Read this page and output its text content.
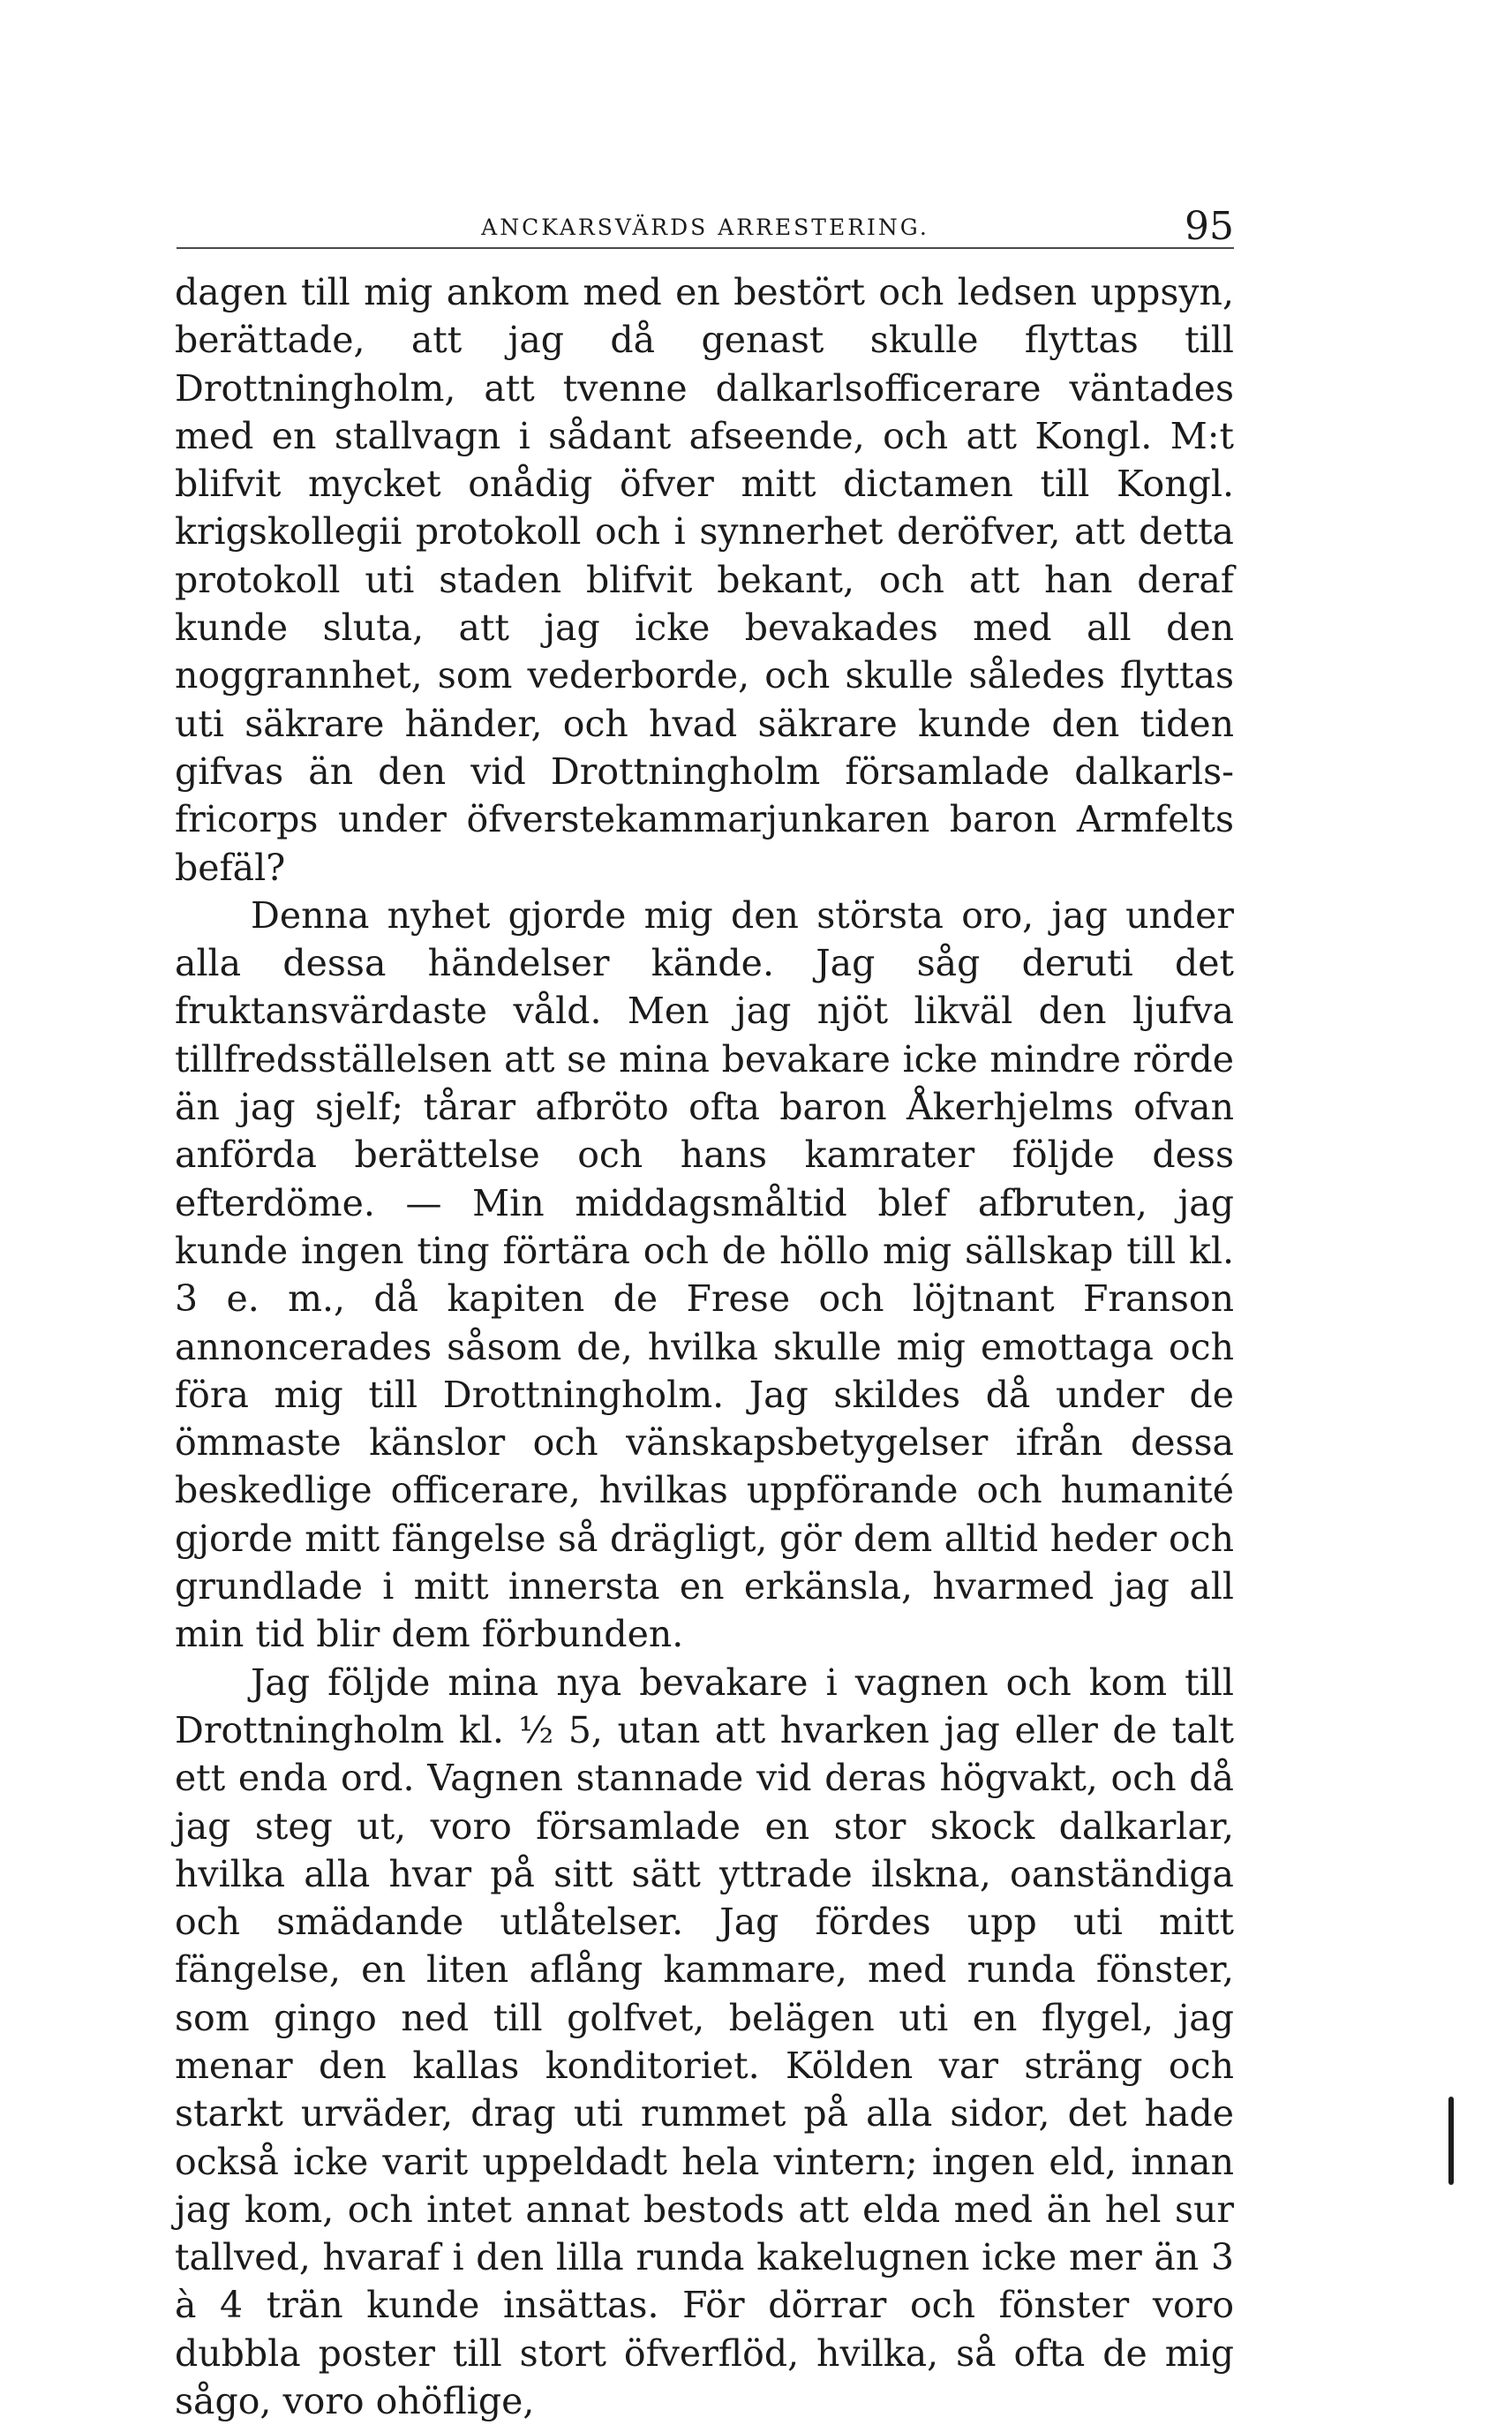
ANCKARSVÄRDS ARRESTERING.	95

dagen till mig ankom med en bestört och ledsen uppsyn, berättade, att jag då genast skulle flyttas till Drottningholm, att tvenne dalkarlsofficerare väntades med en stallvagn i sådant afseende, och att Kongl. M:t blifvit mycket onådig öfver mitt dictamen till Kongl. krigskollegii protokoll och i synnerhet deröfver, att detta protokoll uti staden blifvit bekant, och att han deraf kunde sluta, att jag icke bevakades med all den noggrannhet, som vederborde, och skulle således flyttas uti säkrare händer, och hvad säkrare kunde den tiden gifvas än den vid Drottningholm församlade dalkarls-fricorps under öfverstekammarjunkaren baron Armfelts befäl?

Denna nyhet gjorde mig den största oro, jag under alla dessa händelser kände. Jag såg deruti det fruktansvärdaste våld. Men jag njöt likväl den ljufva tillfredsställelsen att se mina bevakare icke mindre rörde än jag sjelf; tårar afbröto ofta baron Åkerhjelms ofvan anförda berättelse och hans kamrater följde dess efterdöme. — Min middagsmåltid blef afbruten, jag kunde ingen ting förtära och de höllo mig sällskap till kl. 3 e. m., då kapiten de Frese och löjtnant Franson annoncerades såsom de, hvilka skulle mig emottaga och föra mig till Drottningholm. Jag skildes då under de ömmaste känslor och vänskapsbetygelser ifrån dessa beskedlige officerare, hvilkas uppförande och humanité gjorde mitt fängelse så drägligt, gör dem alltid heder och grundlade i mitt innersta en erkänsla, hvarmed jag all min tid blir dem förbunden.

Jag följde mina nya bevakare i vagnen och kom till Drottningholm kl. ½ 5, utan att hvarken jag eller de talt ett enda ord. Vagnen stannade vid deras högvakt, och då jag steg ut, voro församlade en stor skock dalkarlar, hvilka alla hvar på sitt sätt yttrade ilskna, oanständiga och smädande utlåtelser. Jag fördes upp uti mitt fängelse, en liten aflång kammare, med runda fönster, som gingo ned till golfvet, belägen uti en flygel, jag menar den kallas konditoriet. Kölden var sträng och starkt urväder, drag uti rummet på alla sidor, det hade också icke varit uppeldadt hela vintern; ingen eld, innan jag kom, och intet annat bestods att elda med än hel sur tallved, hvaraf i den lilla runda kakelugnen icke mer än 3 à 4 trän kunde insättas. För dörrar och fönster voro dubbla poster till stort öfverflöd, hvilka, så ofta de mig sågo, voro ohöflige,
